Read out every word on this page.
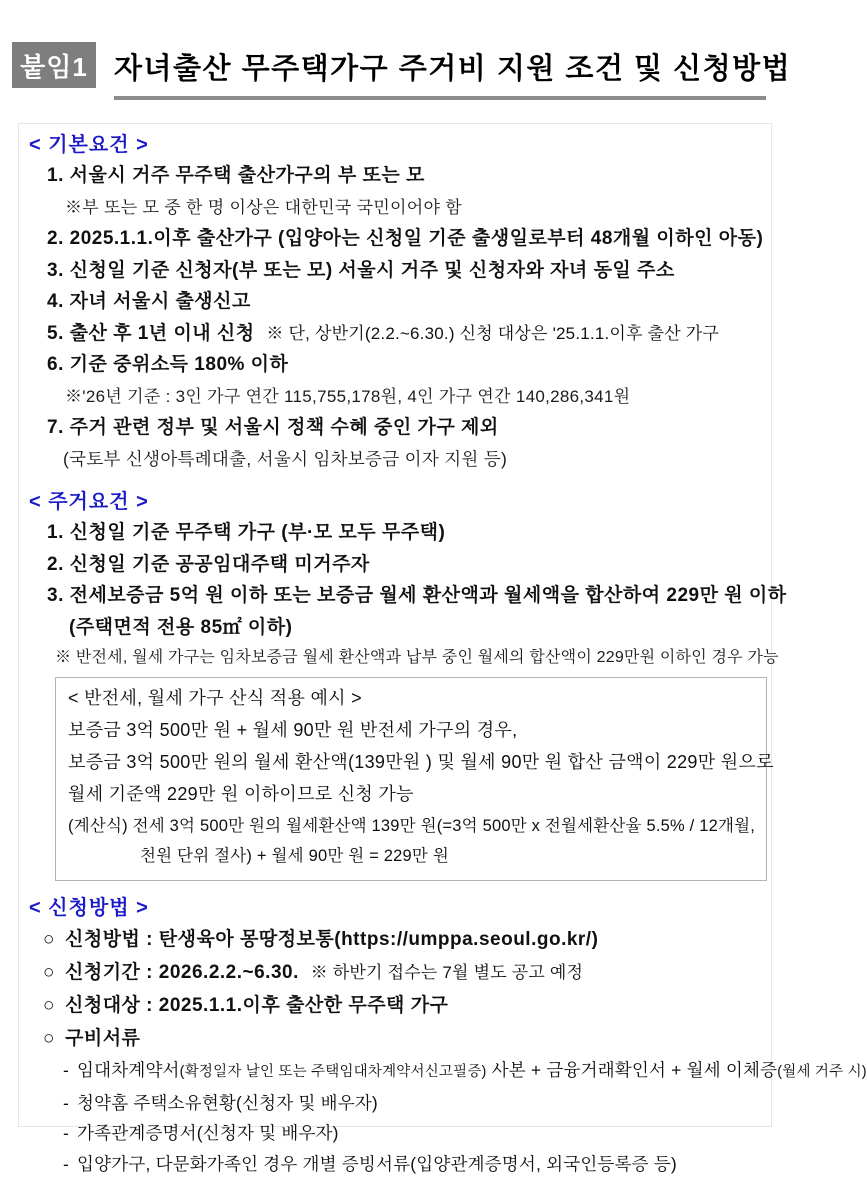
붙임1 자녀출산 무주택가구 주거비 지원 조건 및 신청방법
< 기본요건 >
1. 서울시 거주 무주택 출산가구의 부 또는 모
※부 또는 모 중 한 명 이상은 대한민국 국민이어야 함
2. 2025.1.1.이후 출산가구 (입양아는 신청일 기준 출생일로부터 48개월 이하인 아동)
3. 신청일 기준 신청자(부 또는 모) 서울시 거주 및 신청자와 자녀 동일 주소
4. 자녀 서울시 출생신고
5. 출산 후 1년 이내 신청 ※ 단, 상반기(2.2.~6.30.) 신청 대상은 '25.1.1.이후 출산 가구
6. 기준 중위소득 180% 이하
※'26년 기준 : 3인 가구 연간 115,755,178원, 4인 가구 연간 140,286,341원
7. 주거 관련 정부 및 서울시 정책 수혜 중인 가구 제외
(국토부 신생아특례대출, 서울시 임차보증금 이자 지원 등)
< 주거요건 >
1. 신청일 기준 무주택 가구 (부·모 모두 무주택)
2. 신청일 기준 공공임대주택 미거주자
3. 전세보증금 5억 원 이하 또는 보증금 월세 환산액과 월세액을 합산하여 229만 원 이하
(주택면적 전용 85㎡ 이하)
※ 반전세, 월세 가구는 임차보증금 월세 환산액과 납부 중인 월세의 합산액이 229만원 이하인 경우 가능
< 반전세, 월세 가구 산식 적용 예시 >
보증금 3억 500만 원 + 월세 90만 원 반전세 가구의 경우,
보증금 3억 500만 원의 월세 환산액(139만원 ) 및 월세 90만 원 합산 금액이 229만 원으로
월세 기준액 229만 원 이하이므로 신청 가능
(계산식) 전세 3억 500만 원의 월세환산액 139만 원(=3억 500만 x 전월세환산율 5.5% / 12개월,
천원 단위 절사) + 월세 90만 원 = 229만 원
< 신청방법 >
○ 신청방법 : 탄생육아 몽땅정보통(https://umppa.seoul.go.kr/)
○ 신청기간 : 2026.2.2.~6.30. ※ 하반기 접수는 7월 별도 공고 예정
○ 신청대상 : 2025.1.1.이후 출산한 무주택 가구
○ 구비서류
- 임대차계약서(확정일자 날인 또는 주택임대차계약서신고필증) 사본 + 금융거래확인서 + 월세 이체증(월세 거주 시)
- 청약홈 주택소유현황(신청자 및 배우자)
- 가족관계증명서(신청자 및 배우자)
- 입양가구, 다문화가족인 경우 개별 증빙서류(입양관계증명서, 외국인등록증 등)
